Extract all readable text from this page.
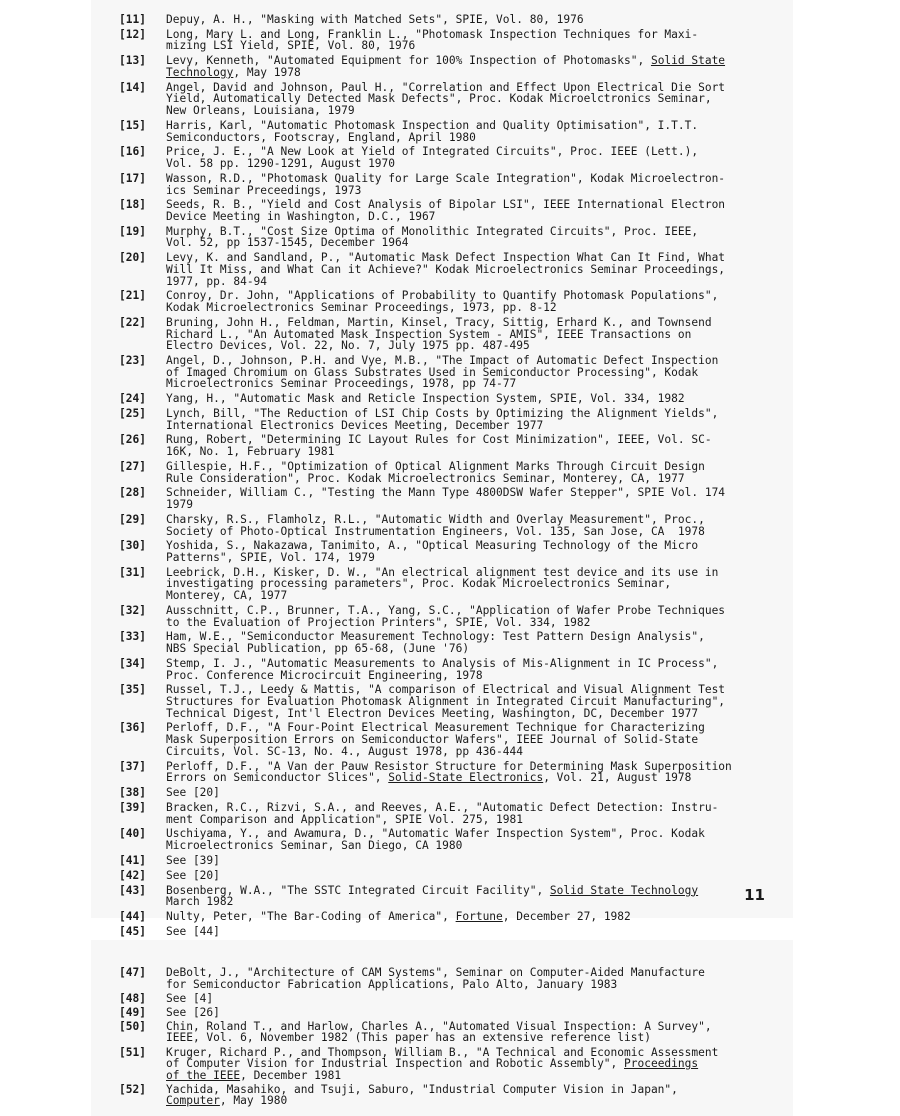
[11] Depuy, A. H., "Masking with Matched Sets", SPIE, Vol. 80, 1976
[12] Long, Mary L. and Long, Franklin L., "Photomask Inspection Techniques for Maxi-
mizing LSI Yield, SPIE, Vol. 80, 1976
[13] Levy, Kenneth, "Automated Equipment for 100% Inspection of Photomasks", Solid State
Technology, May 1978
[14] Angel, David and Johnson, Paul H., "Correlation and Effect Upon Electrical Die Sort
Yield, Automatically Detected Mask Defects", Proc. Kodak Microelctronics Seminar,
New Orleans, Louisiana, 1979
[15] Harris, Karl, "Automatic Photomask Inspection and Quality Optimisation", I.T.T.
Semiconductors, Footscray, England, April 1980
[16] Price, J. E., "A New Look at Yield of Integrated Circuits", Proc. IEEE (Lett.),
Vol. 58 pp. 1290-1291, August 1970
[17] Wasson, R.D., "Photomask Quality for Large Scale Integration", Kodak Microelectron-
ics Seminar Preceedings, 1973
[18] Seeds, R. B., "Yield and Cost Analysis of Bipolar LSI", IEEE International Electron
Device Meeting in Washington, D.C., 1967
[19] Murphy, B.T., "Cost Size Optima of Monolithic Integrated Circuits", Proc. IEEE,
Vol. 52, pp 1537-1545, December 1964
[20] Levy, K. and Sandland, P., "Automatic Mask Defect Inspection What Can It Find, What
Will It Miss, and What Can it Achieve?" Kodak Microelectronics Seminar Proceedings,
1977, pp. 84-94
[21] Conroy, Dr. John, "Applications of Probability to Quantify Photomask Populations",
Kodak Microelectronics Seminar Proceedings, 1973, pp. 8-12
[22] Bruning, John H., Feldman, Martin, Kinsel, Tracy, Sittig, Erhard K., and Townsend
Richard L., "An Automated Mask Inspection System - AMIS", IEEE Transactions on
Electro Devices, Vol. 22, No. 7, July 1975 pp. 487-495
[23] Angel, D., Johnson, P.H. and Vye, M.B., "The Impact of Automatic Defect Inspection
of Imaged Chromium on Glass Substrates Used in Semiconductor Processing", Kodak
Microelectronics Seminar Proceedings, 1978, pp 74-77
[24] Yang, H., "Automatic Mask and Reticle Inspection System, SPIE, Vol. 334, 1982
[25] Lynch, Bill, "The Reduction of LSI Chip Costs by Optimizing the Alignment Yields",
International Electronics Devices Meeting, December 1977
[26] Rung, Robert, "Determining IC Layout Rules for Cost Minimization", IEEE, Vol. SC-
16K, No. 1, February 1981
[27] Gillespie, H.F., "Optimization of Optical Alignment Marks Through Circuit Design
Rule Consideration", Proc. Kodak Microelectronics Seminar, Monterey, CA, 1977
[28] Schneider, William C., "Testing the Mann Type 4800DSW Wafer Stepper", SPIE Vol. 174
1979
[29] Charsky, R.S., Flamholz, R.L., "Automatic Width and Overlay Measurement", Proc.,
Society of Photo-Optical Instrumentation Engineers, Vol. 135, San Jose, CA  1978
[30] Yoshida, S., Nakazawa, Tanimito, A., "Optical Measuring Technology of the Micro
Patterns", SPIE, Vol. 174, 1979
[31] Leebrick, D.H., Kisker, D. W., "An electrical alignment test device and its use in
investigating processing parameters", Proc. Kodak Microelectronics Seminar,
Monterey, CA, 1977
[32] Ausschnitt, C.P., Brunner, T.A., Yang, S.C., "Application of Wafer Probe Techniques
to the Evaluation of Projection Printers", SPIE, Vol. 334, 1982
[33] Ham, W.E., "Semiconductor Measurement Technology: Test Pattern Design Analysis",
NBS Special Publication, pp 65-68, (June '76)
[34] Stemp, I. J., "Automatic Measurements to Analysis of Mis-Alignment in IC Process",
Proc. Conference Microcircuit Engineering, 1978
[35] Russel, T.J., Leedy & Mattis, "A comparison of Electrical and Visual Alignment Test
Structures for Evaluation Photomask Alignment in Integrated Circuit Manufacturing",
Technical Digest, Int'l Electron Devices Meeting, Washington, DC, December 1977
[36] Perloff, D.F., "A Four-Point Electrical Measurement Technique for Characterizing
Mask Superposition Errors on Semiconductor Wafers", IEEE Journal of Solid-State
Circuits, Vol. SC-13, No. 4., August 1978, pp 436-444
[37] Perloff, D.F., "A Van der Pauw Resistor Structure for Determining Mask Superposition
Errors on Semiconductor Slices", Solid-State Electronics, Vol. 21, August 1978
[38] See [20]
[39] Bracken, R.C., Rizvi, S.A., and Reeves, A.E., "Automatic Defect Detection: Instru-
ment Comparison and Application", SPIE Vol. 275, 1981
[40] Uschiyama, Y., and Awamura, D., "Automatic Wafer Inspection System", Proc. Kodak
Microelectronics Seminar, San Diego, CA 1980
[41] See [39]
[42] See [20]
[43] Bosenberg, W.A., "The SSTC Integrated Circuit Facility", Solid State Technology
March 1982
[44] Nulty, Peter, "The Bar-Coding of America", Fortune, December 27, 1982
[45] See [44]
11
[47] DeBolt, J., "Architecture of CAM Systems", Seminar on Computer-Aided Manufacture
for Semiconductor Fabrication Applications, Palo Alto, January 1983
[48] See [4]
[49] See [26]
[50] Chin, Roland T., and Harlow, Charles A., "Automated Visual Inspection: A Survey",
IEEE, Vol. 6, November 1982 (This paper has an extensive reference list)
[51] Kruger, Richard P., and Thompson, William B., "A Technical and Economic Assessment
of Computer Vision for Industrial Inspection and Robotic Assembly", Proceedings
of the IEEE, December 1981
[52] Yachida, Masahiko, and Tsuji, Saburo, "Industrial Computer Vision in Japan",
Computer, May 1980
